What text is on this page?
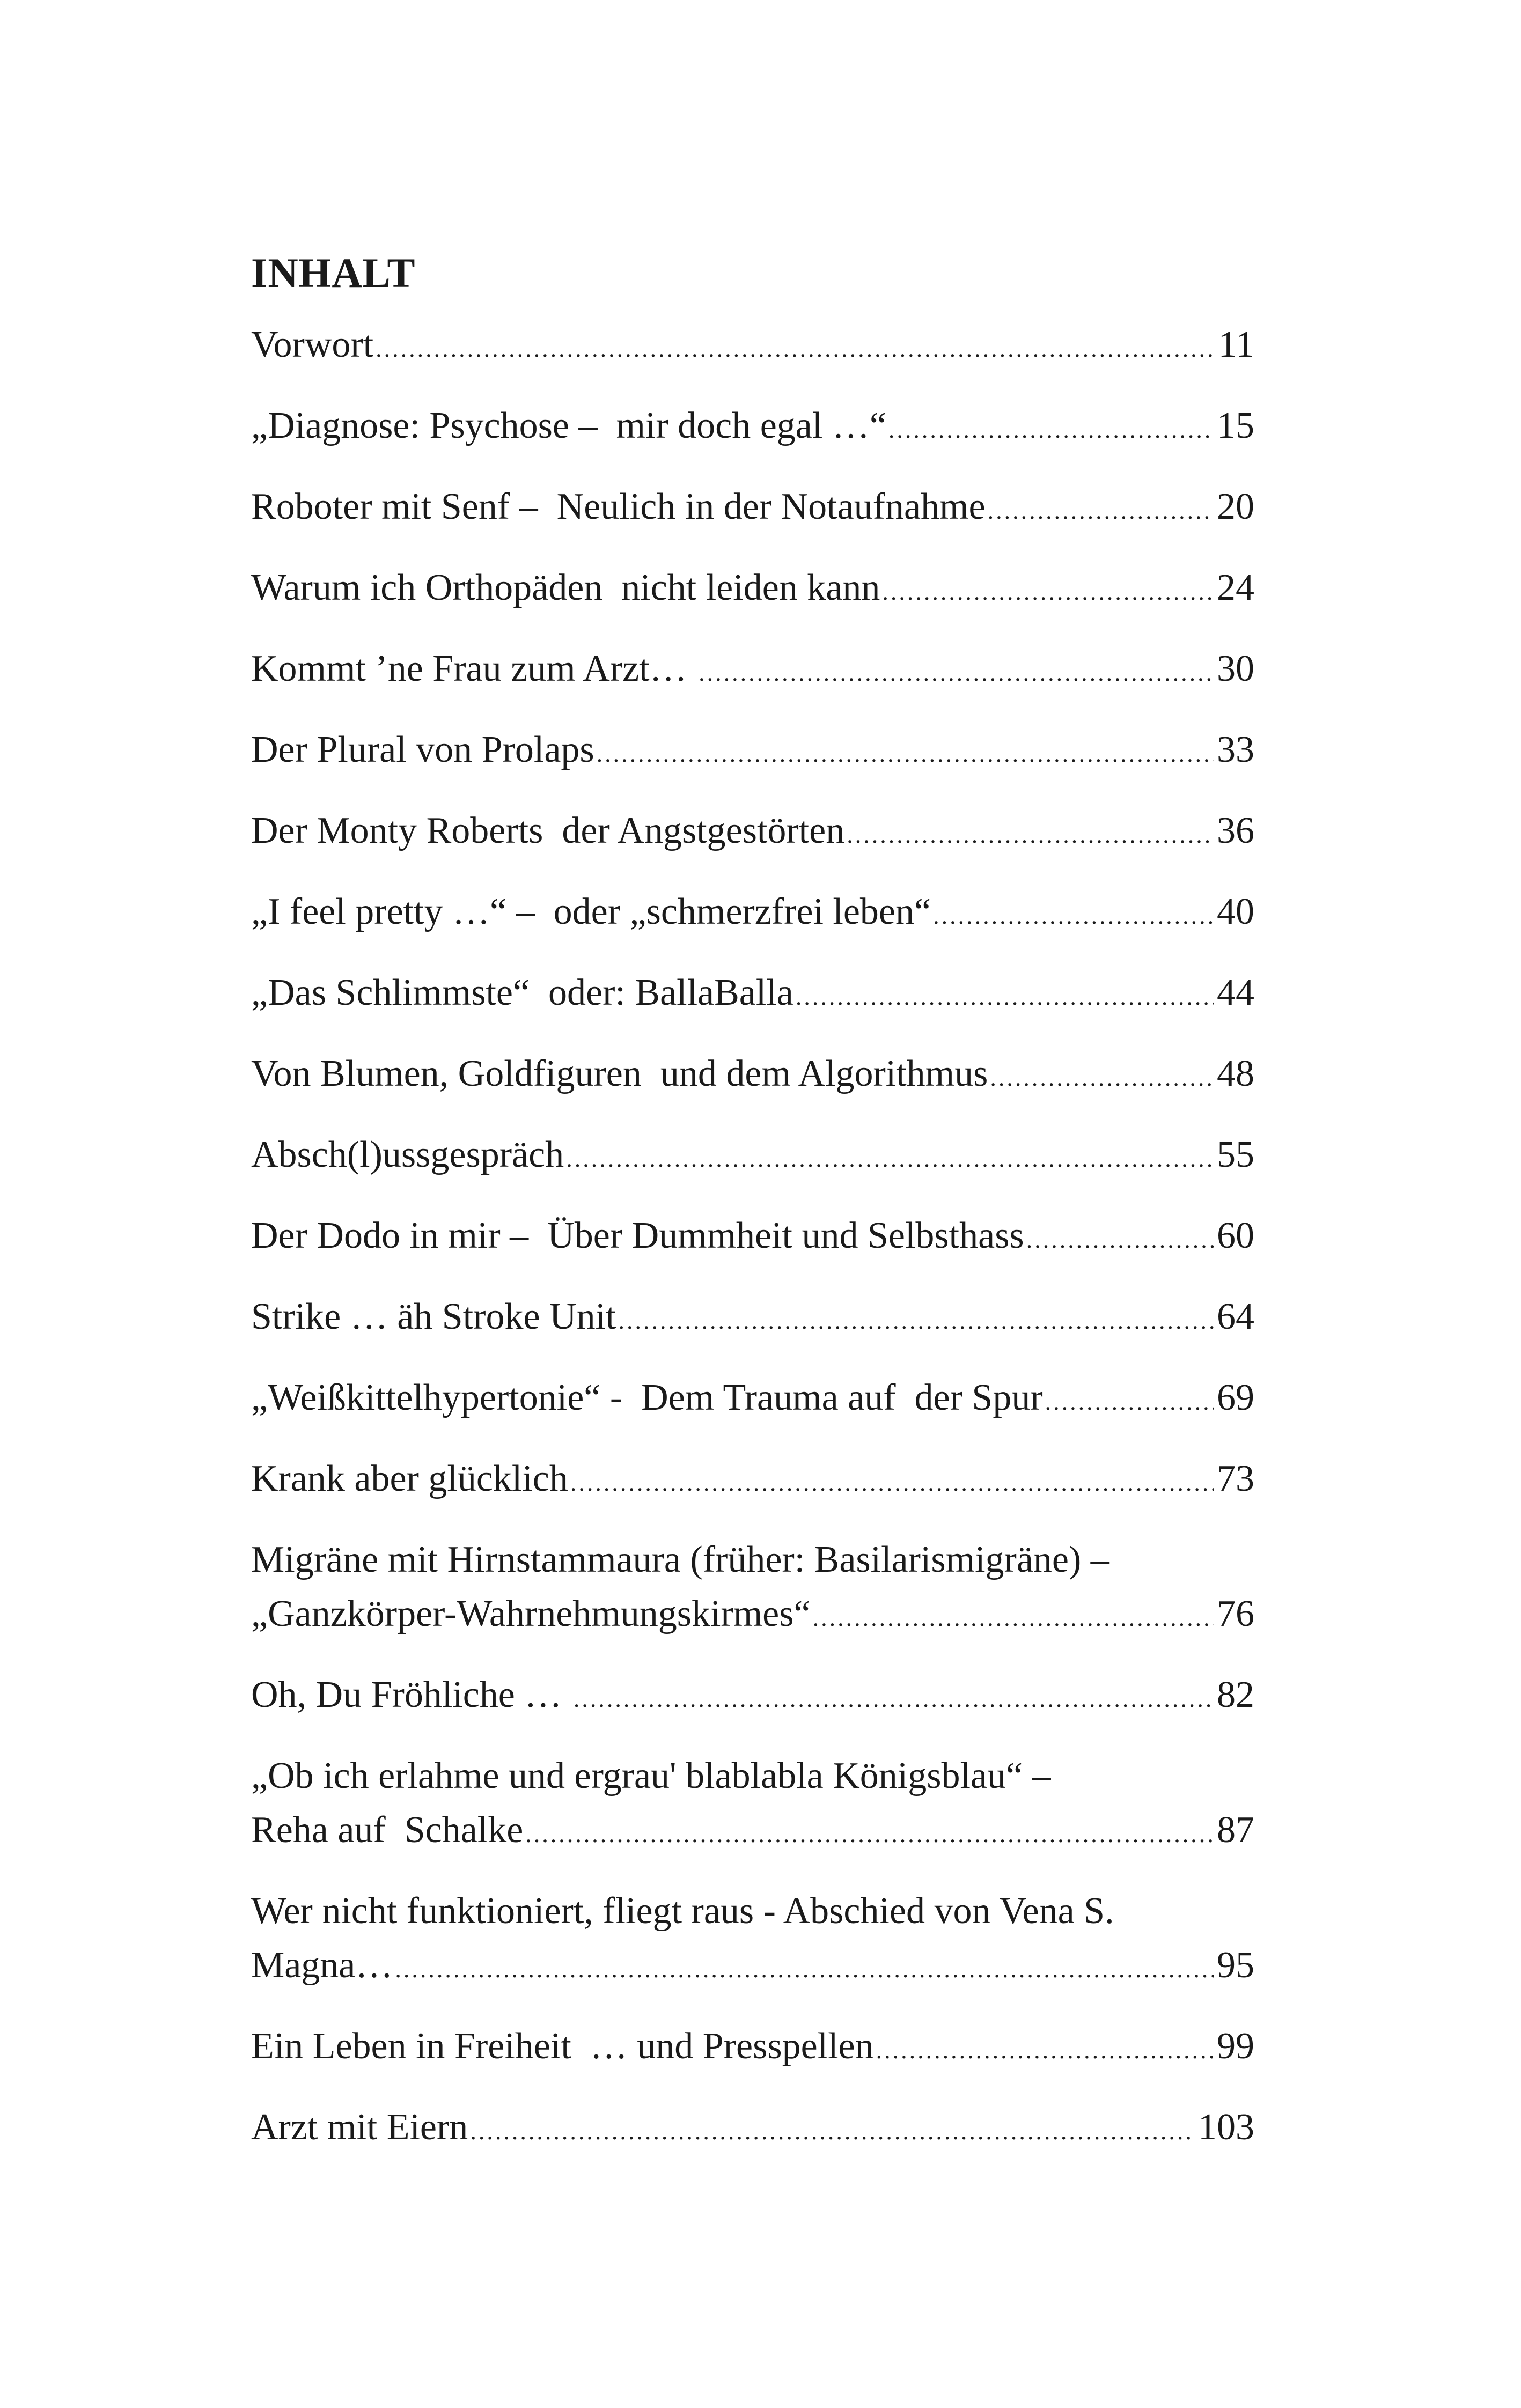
INHALT
Vorwort .....	11
„Diagnose: Psychose –  mir doch egal …“ .....	15
Roboter mit Senf –  Neulich in der Notaufnahme .....	20
Warum ich Orthopäden  nicht leiden kann .....	24
Kommt ’ne Frau zum Arzt… .....	30
Der Plural von Prolaps .....	33
Der Monty Roberts  der Angstgestörten .....	36
„I feel pretty …“ –  oder „schmerzfrei leben“ .....	40
„Das Schlimmste“  oder: BallaBalla .....	44
Von Blumen, Goldfiguren  und dem Algorithmus .....	48
Absch(l)ussgespräch .....	55
Der Dodo in mir –  Über Dummheit und Selbsthass .....	60
Strike … äh Stroke Unit .....	64
„Weißkittelhypertonie“ -  Dem Trauma auf  der Spur .....	69
Krank aber glücklich .....	73
Migräne mit Hirnstammaura (früher: Basilarismigräne) –
„Ganzkörper-Wahrnehmungskirmes“ .....	76
Oh, Du Fröhliche … .....	82
„Ob ich erlahme und ergrau' blablabla Königsblau“ –
Reha auf  Schalke .....	87
Wer nicht funktioniert, fliegt raus - Abschied von Vena S.
Magna… .....	95
Ein Leben in Freiheit  … und Presspellen .....	99
Arzt mit Eiern .....	103
